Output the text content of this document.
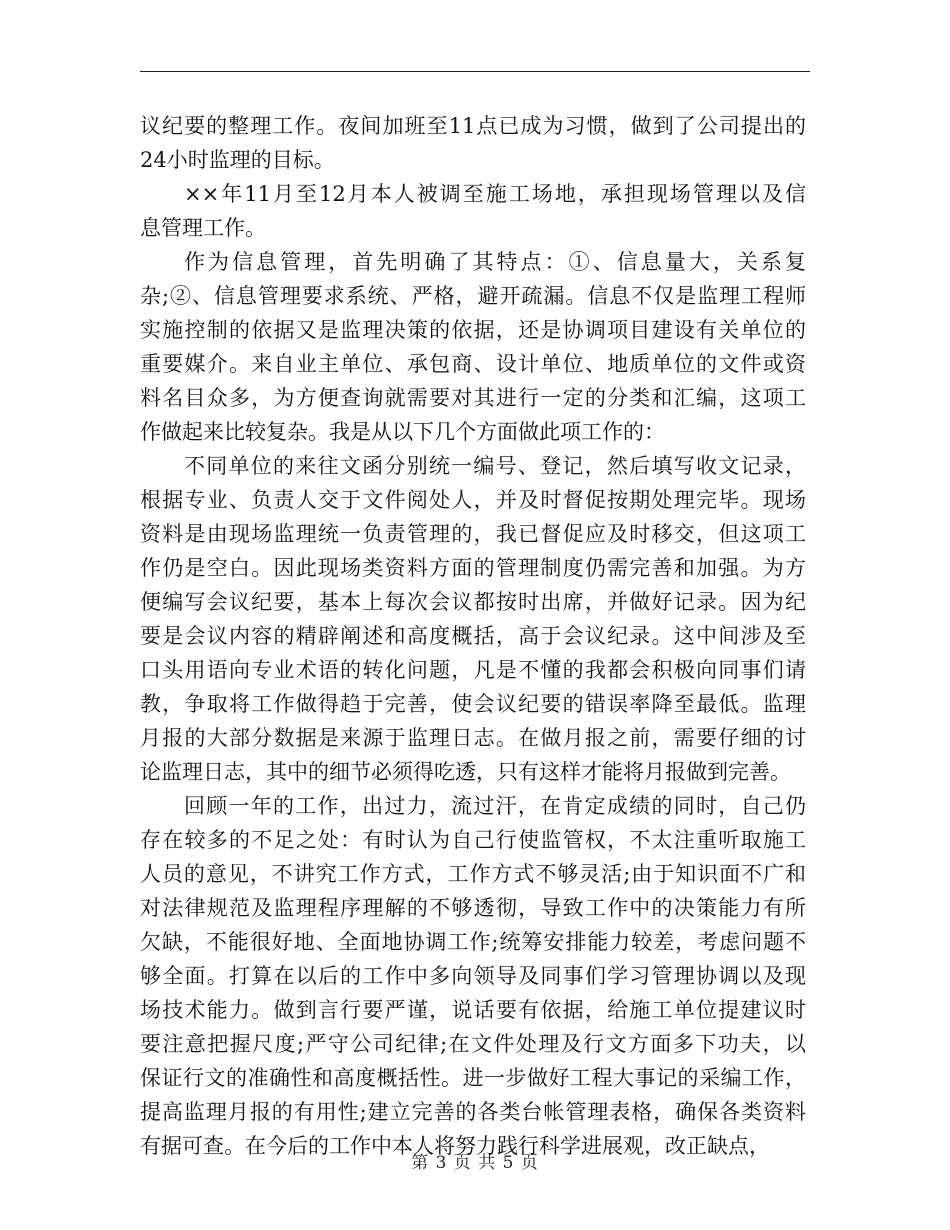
议纪要的整理工作。夜间加班至11点已成为习惯，做到了公司提出的
24小时监理的目标。
××年11月至12月本人被调至施工场地，承担现场管理以及信
息管理工作。
作为信息管理，首先明确了其特点：①、信息量大，关系复
杂;②、信息管理要求系统、严格，避开疏漏。信息不仅是监理工程师
实施控制的依据又是监理决策的依据，还是协调项目建设有关单位的
重要媒介。来自业主单位、承包商、设计单位、地质单位的文件或资
料名目众多，为方便查询就需要对其进行一定的分类和汇编，这项工
作做起来比较复杂。我是从以下几个方面做此项工作的：
不同单位的来往文函分别统一编号、登记，然后填写收文记录，
根据专业、负责人交于文件阅处人，并及时督促按期处理完毕。现场
资料是由现场监理统一负责管理的，我已督促应及时移交，但这项工
作仍是空白。因此现场类资料方面的管理制度仍需完善和加强。为方
便编写会议纪要，基本上每次会议都按时出席，并做好记录。因为纪
要是会议内容的精辟阐述和高度概括，高于会议纪录。这中间涉及至
口头用语向专业术语的转化问题，凡是不懂的我都会积极向同事们请
教，争取将工作做得趋于完善，使会议纪要的错误率降至最低。监理
月报的大部分数据是来源于监理日志。在做月报之前，需要仔细的讨
论监理日志，其中的细节必须得吃透，只有这样才能将月报做到完善。
回顾一年的工作，出过力，流过汗，在肯定成绩的同时，自己仍
存在较多的不足之处：有时认为自己行使监管权，不太注重听取施工
人员的意见，不讲究工作方式，工作方式不够灵活;由于知识面不广和
对法律规范及监理程序理解的不够透彻，导致工作中的决策能力有所
欠缺，不能很好地、全面地协调工作;统筹安排能力较差，考虑问题不
够全面。打算在以后的工作中多向领导及同事们学习管理协调以及现
场技术能力。做到言行要严谨，说话要有依据，给施工单位提建议时
要注意把握尺度;严守公司纪律;在文件处理及行文方面多下功夫，以
保证行文的准确性和高度概括性。进一步做好工程大事记的采编工作，
提高监理月报的有用性;建立完善的各类台帐管理表格，确保各类资料
有据可查。在今后的工作中本人将努力践行科学进展观，改正缺点，
第 3 页 共 5 页
